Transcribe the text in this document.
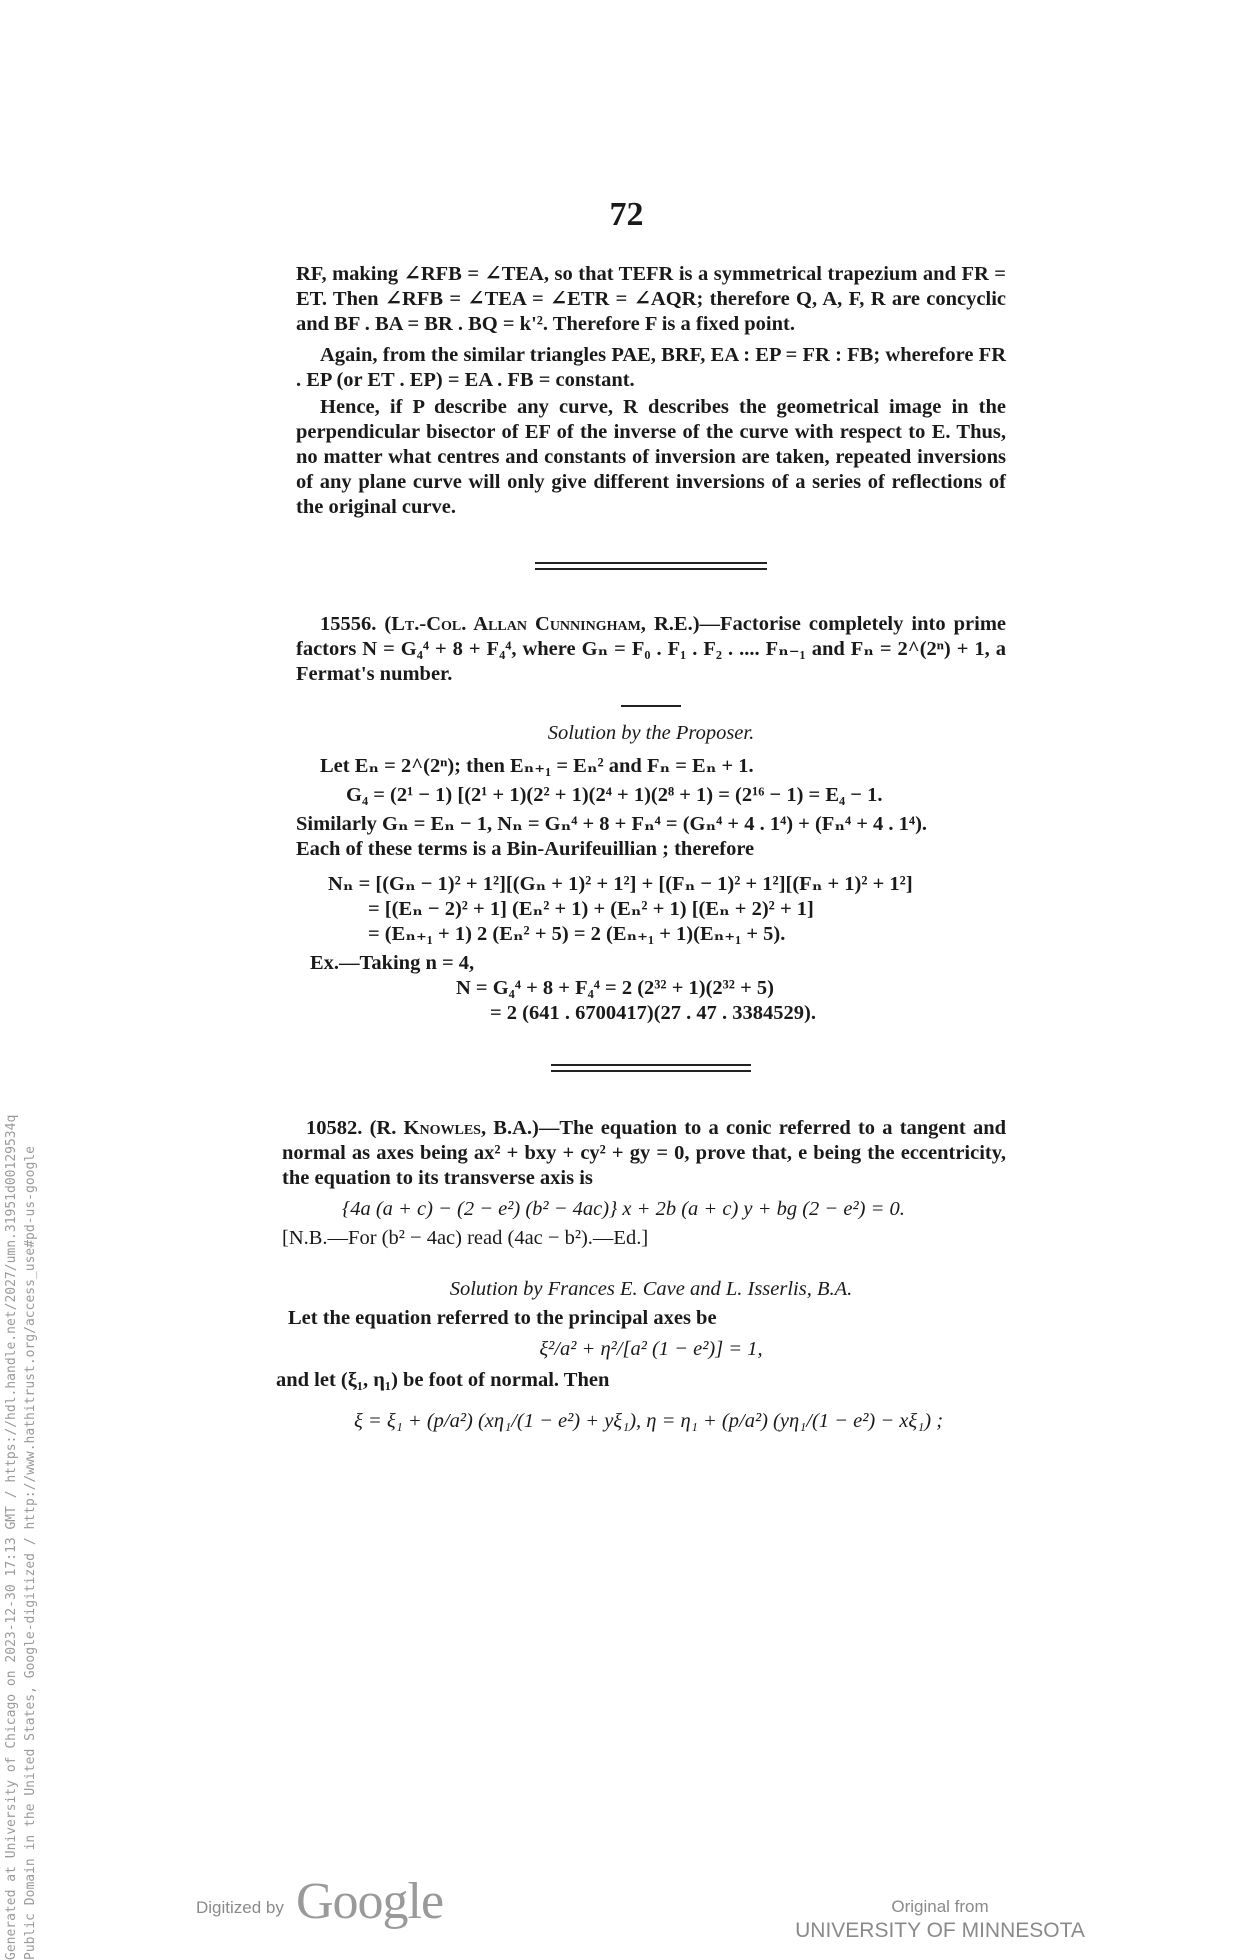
72

RF, making ∠RFB = ∠TEA, so that TEFR is a symmetrical trapezium and FR = ET. Then ∠RFB = ∠TEA = ∠ETR = ∠AQR; therefore Q, A, F, R are concyclic and BF . BA = BR . BQ = k'². Therefore F is a fixed point.

Again, from the similar triangles PAE, BRF, EA : EP = FR : FB; wherefore FR . EP (or ET . EP) = EA . FB = constant.

Hence, if P describe any curve, R describes the geometrical image in the perpendicular bisector of EF of the inverse of the curve with respect to E. Thus, no matter what centres and constants of inversion are taken, repeated inversions of any plane curve will only give different inversions of a series of reflections of the original curve.

15556. (Lt.-Col. Allan Cunningham, R.E.)—Factorise completely into prime factors N = G₄⁴ + 8 + F₄⁴, where Gₙ = F₀ . F₁ . F₂ . .... Fₙ₋₁ and Fₙ = 2^(2ⁿ) + 1, a Fermat's number.

Solution by the Proposer.

Let Eₙ = 2^(2ⁿ); then Eₙ₊₁ = Eₙ² and Fₙ = Eₙ + 1.

G₄ = (2¹ − 1) [(2¹ + 1)(2² + 1)(2⁴ + 1)(2⁸ + 1) = (2¹⁶ − 1) = E₄ − 1.

Similarly Gₙ = Eₙ − 1, Nₙ = Gₙ⁴ + 8 + Fₙ⁴ = (Gₙ⁴ + 4 . 1⁴) + (Fₙ⁴ + 4 . 1⁴).

Each of these terms is a Bin-Aurifeuillian ; therefore

Nₙ = [(Gₙ − 1)² + 1²][(Gₙ + 1)² + 1²] + [(Fₙ − 1)² + 1²][(Fₙ + 1)² + 1²]

= [(Eₙ − 2)² + 1] (Eₙ² + 1) + (Eₙ² + 1) [(Eₙ + 2)² + 1]

= (Eₙ₊₁ + 1) 2 (Eₙ² + 5) = 2 (Eₙ₊₁ + 1)(Eₙ₊₁ + 5).

Ex.—Taking n = 4,

N = G₄⁴ + 8 + F₄⁴ = 2 (2³² + 1)(2³² + 5)

= 2 (641 . 6700417)(27 . 47 . 3384529).

10582. (R. Knowles, B.A.)—The equation to a conic referred to a tangent and normal as axes being ax² + bxy + cy² + gy = 0, prove that, e being the eccentricity, the equation to its transverse axis is

{4a (a + c) − (2 − e²) (b² − 4ac)} x + 2b (a + c) y + bg (2 − e²) = 0.

[N.B.—For (b² − 4ac) read (4ac − b²).—Ed.]

Solution by Frances E. Cave and L. Isserlis, B.A.

Let the equation referred to the principal axes be

ξ²/a² + η²/[a² (1 − e²)] = 1,

and let (ξ₁, η₁) be foot of normal. Then

ξ = ξ₁ + (p/a²) (xη₁/(1 − e²) + yξ₁), η = η₁ + (p/a²) (yη₁/(1 − e²) − xξ₁) ;

Generated at University of Chicago on 2023-12-30 17:13 GMT / https://hdl.handle.net/2027/umn.31951d00129534q Public Domain in the United States, Google-digitized / http://www.hathitrust.org/access_use#pd-us-google	Digitized by Google	Original from
UNIVERSITY OF MINNESOTA
